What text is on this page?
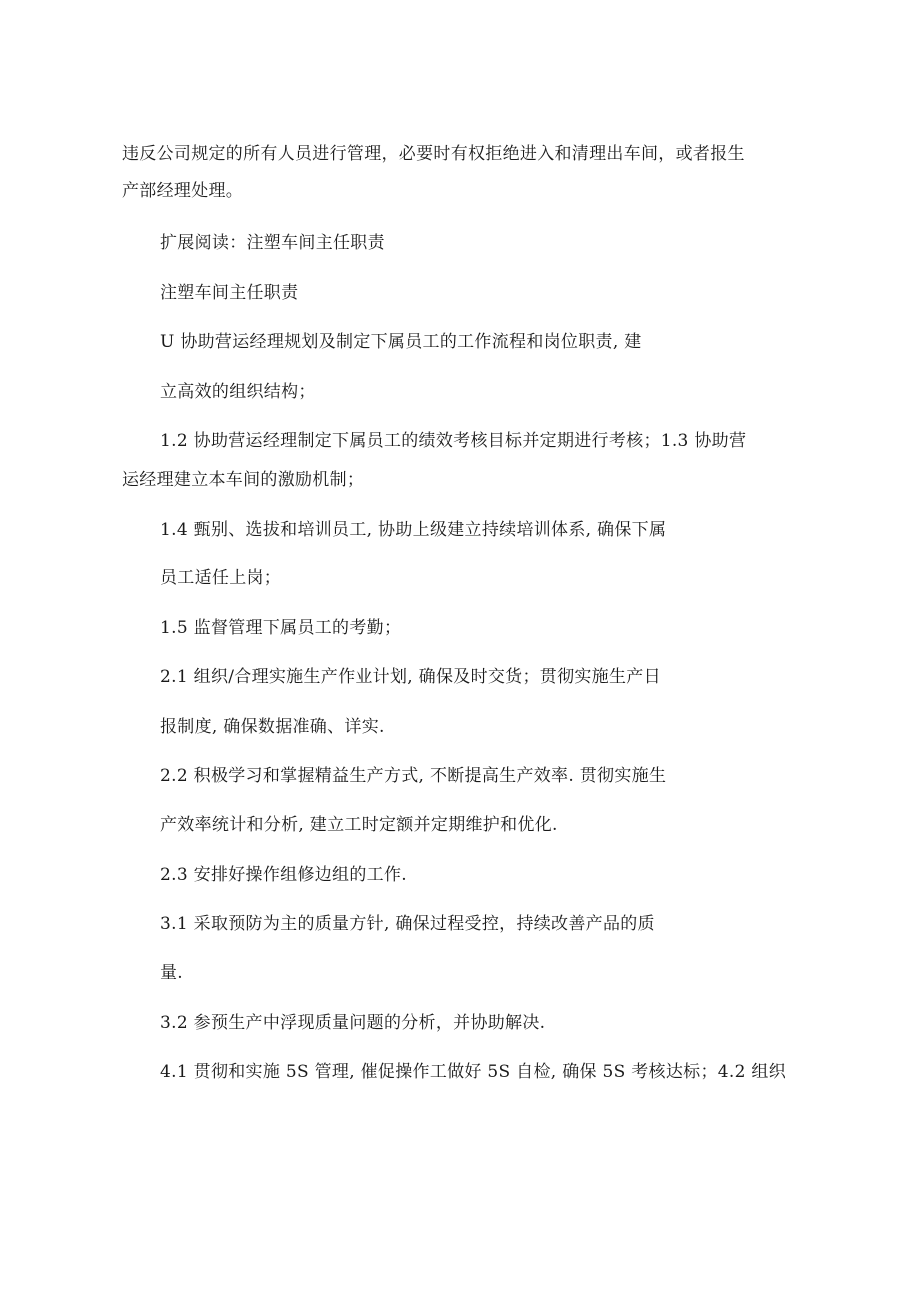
违反公司规定的所有人员进行管理，必要时有权拒绝进入和清理出车间，或者报生
产部经理处理。
扩展阅读：注塑车间主任职责
注塑车间主任职责
U 协助营运经理规划及制定下属员工的工作流程和岗位职责, 建
立高效的组织结构；
1.2 协助营运经理制定下属员工的绩效考核目标并定期进行考核；1.3 协助营
运经理建立本车间的激励机制；
1.4 甄别、选拔和培训员工, 协助上级建立持续培训体系, 确保下属
员工适任上岗；
1.5 监督管理下属员工的考勤；
2.1 组织/合理实施生产作业计划, 确保及时交货；贯彻实施生产日
报制度, 确保数据准确、详实.
2.2 积极学习和掌握精益生产方式, 不断提高生产效率. 贯彻实施生
产效率统计和分析, 建立工时定额并定期维护和优化.
2.3 安排好操作组修边组的工作.
3.1 采取预防为主的质量方针, 确保过程受控，持续改善产品的质
量.
3.2 参预生产中浮现质量问题的分析，并协助解决.
4.1 贯彻和实施 5S 管理, 催促操作工做好 5S 自检, 确保 5S 考核达标；4.2 组织
